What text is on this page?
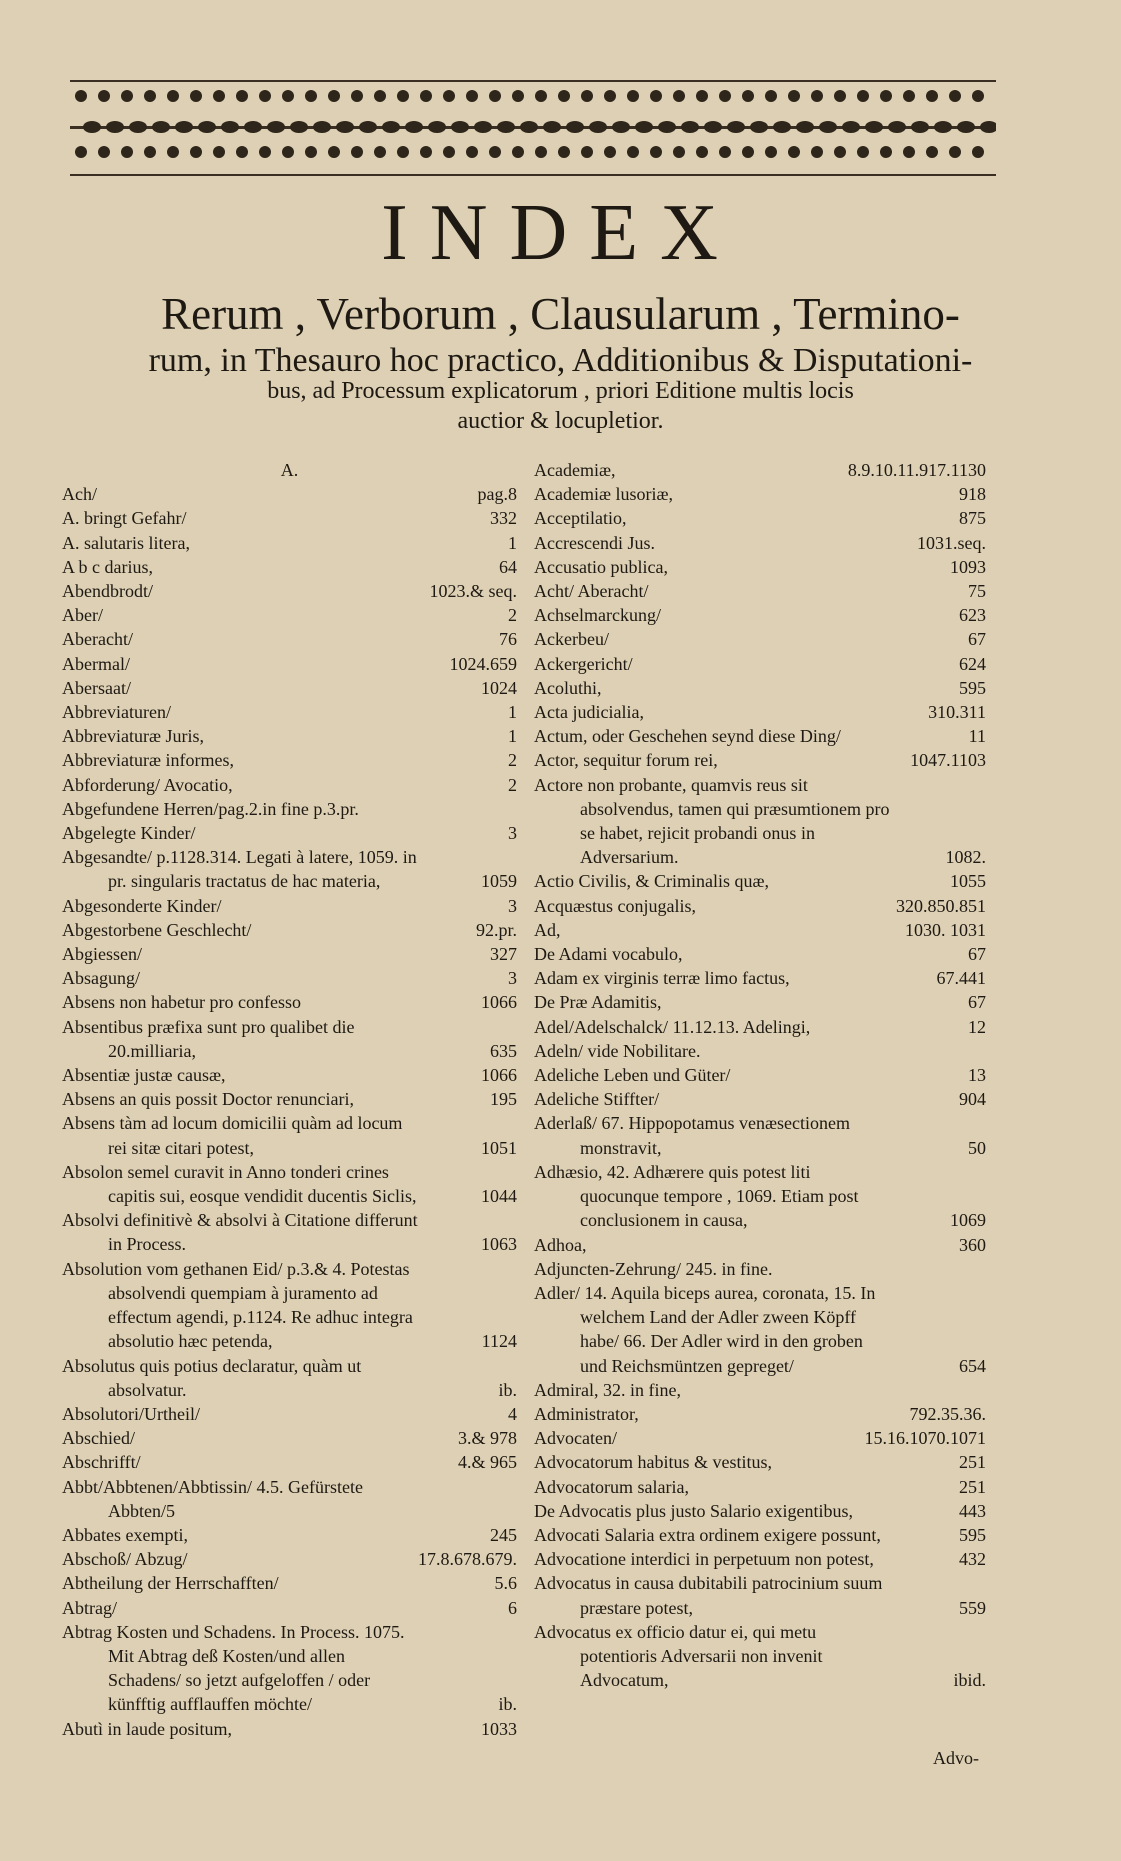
INDEX
Rerum , Verborum , Clausularum , Termino-
rum, in Thesauro hoc practico, Additionibus & Disputationi-
bus, ad Processum explicatorum , priori Editione multis locis
auctior & locupletior.
A.
Ach/	pag.8
A. bringt Gefahr/	332
A. salutaris litera,	1
A b c darius,	64
Abendbrodt/	1023.& seq.
Aber/	2
Aberacht/	76
Abermal/	1024.659
Abersaat/	1024
Abbreviaturen/	1
Abbreviaturæ Juris,	1
Abbreviaturæ informes,	2
Abforderung/ Avocatio,	2
Abgefundene Herren/pag.2.in fine p.3.pr.
Abgelegte Kinder/	3
Abgesandte/ p.1128.314. Legati à latere, 1059. in pr. singularis tractatus de hac materia,	1059
Abgesonderte Kinder/	3
Abgestorbene Geschlecht/	92.pr.
Abgiessen/	327
Absagung/	3
Absens non habetur pro confesso	1066
Absentibus præfixa sunt pro qualibet die 20.milliaria,	635
Absentiæ justæ causæ,	1066
Absens an quis possit Doctor renunciari,	195
Absens tàm ad locum domicilii quàm ad locum rei sitæ citari potest,	1051
Absolon semel curavit in Anno tonderi crines capitis sui, eosque vendidit ducentis Siclis,	1044
Absolvi definitivè & absolvi à Citatione differunt in Process.	1063
Absolution vom gethanen Eid/ p.3.& 4. Potestas absolvendi quempiam à juramento ad effectum agendi, p.1124. Re adhuc integra absolutio hæc petenda,	1124
Absolutus quis potius declaratur, quàm ut absolvatur.	ib.
Absolutori/Urtheil/	4
Abschied/	3.& 978
Abschrifft/	4.& 965
Abbt/Abbtenen/Abbtissin/ 4.5. Gefürstete Abbten/5
Abbates exempti,	245
Abschoß/ Abzug/	17.8.678.679.
Abtheilung der Herrschafften/	5.6
Abtrag/	6
Abtrag Kosten und Schadens. In Process. 1075. Mit Abtrag deß Kosten/und allen Schadens/ so jetzt aufgeloffen / oder künfftig aufflauffen möchte/	ib.
Abutì in laude positum,	1033
Academiæ,	8.9.10.11.917.1130
Academiæ lusoriæ,	918
Acceptilatio,	875
Accrescendi Jus.	1031.seq.
Accusatio publica,	1093
Acht/ Aberacht/	75
Achselmarckung/	623
Ackerbeu/	67
Ackergericht/	624
Acoluthi,	595
Acta judicialia,	310.311
Actum, oder Geschehen seynd diese Ding/	11
Actor, sequitur forum rei,	1047.1103
Actore non probante, quamvis reus sit absolvendus, tamen qui præsumtionem pro se habet, rejicit probandi onus in Adversarium.	1082.
Actio Civilis, & Criminalis quæ,	1055
Acquæstus conjugalis,	320.850.851
Ad,	1030. 1031
De Adami vocabulo,	67
Adam ex virginis terræ limo factus,	67.441
De Præ Adamitis,	67
Adel/Adelschalck/ 11.12.13. Adelingi,	12
Adeln/ vide Nobilitare.
Adeliche Leben und Güter/	13
Adeliche Stiffter/	904
Aderlaß/ 67. Hippopotamus venæsectionem monstravit,	50
Adhæsio, 42. Adhærere quis potest liti quocunque tempore , 1069. Etiam post conclusionem in causa,	1069
Adhoa,	360
Adjuncten-Zehrung/ 245. in fine.
Adler/ 14. Aquila biceps aurea, coronata, 15. In welchem Land der Adler zween Köpff habe/ 66. Der Adler wird in den groben und Reichsmüntzen gepreget/	654
Admiral, 32. in fine,
Administrator,	792.35.36.
Advocaten/	15.16.1070.1071
Advocatorum habitus & vestitus,	251
Advocatorum salaria,	251
De Advocatis plus justo Salario exigentibus,	443
Advocati Salaria extra ordinem exigere possunt,	595
Advocatione interdici in perpetuum non potest,	432
Advocatus in causa dubitabili patrocinium suum præstare potest,	559
Advocatus ex officio datur ei, qui metu potentioris Adversarii non invenit Advocatum,	ibid.
Advo-
